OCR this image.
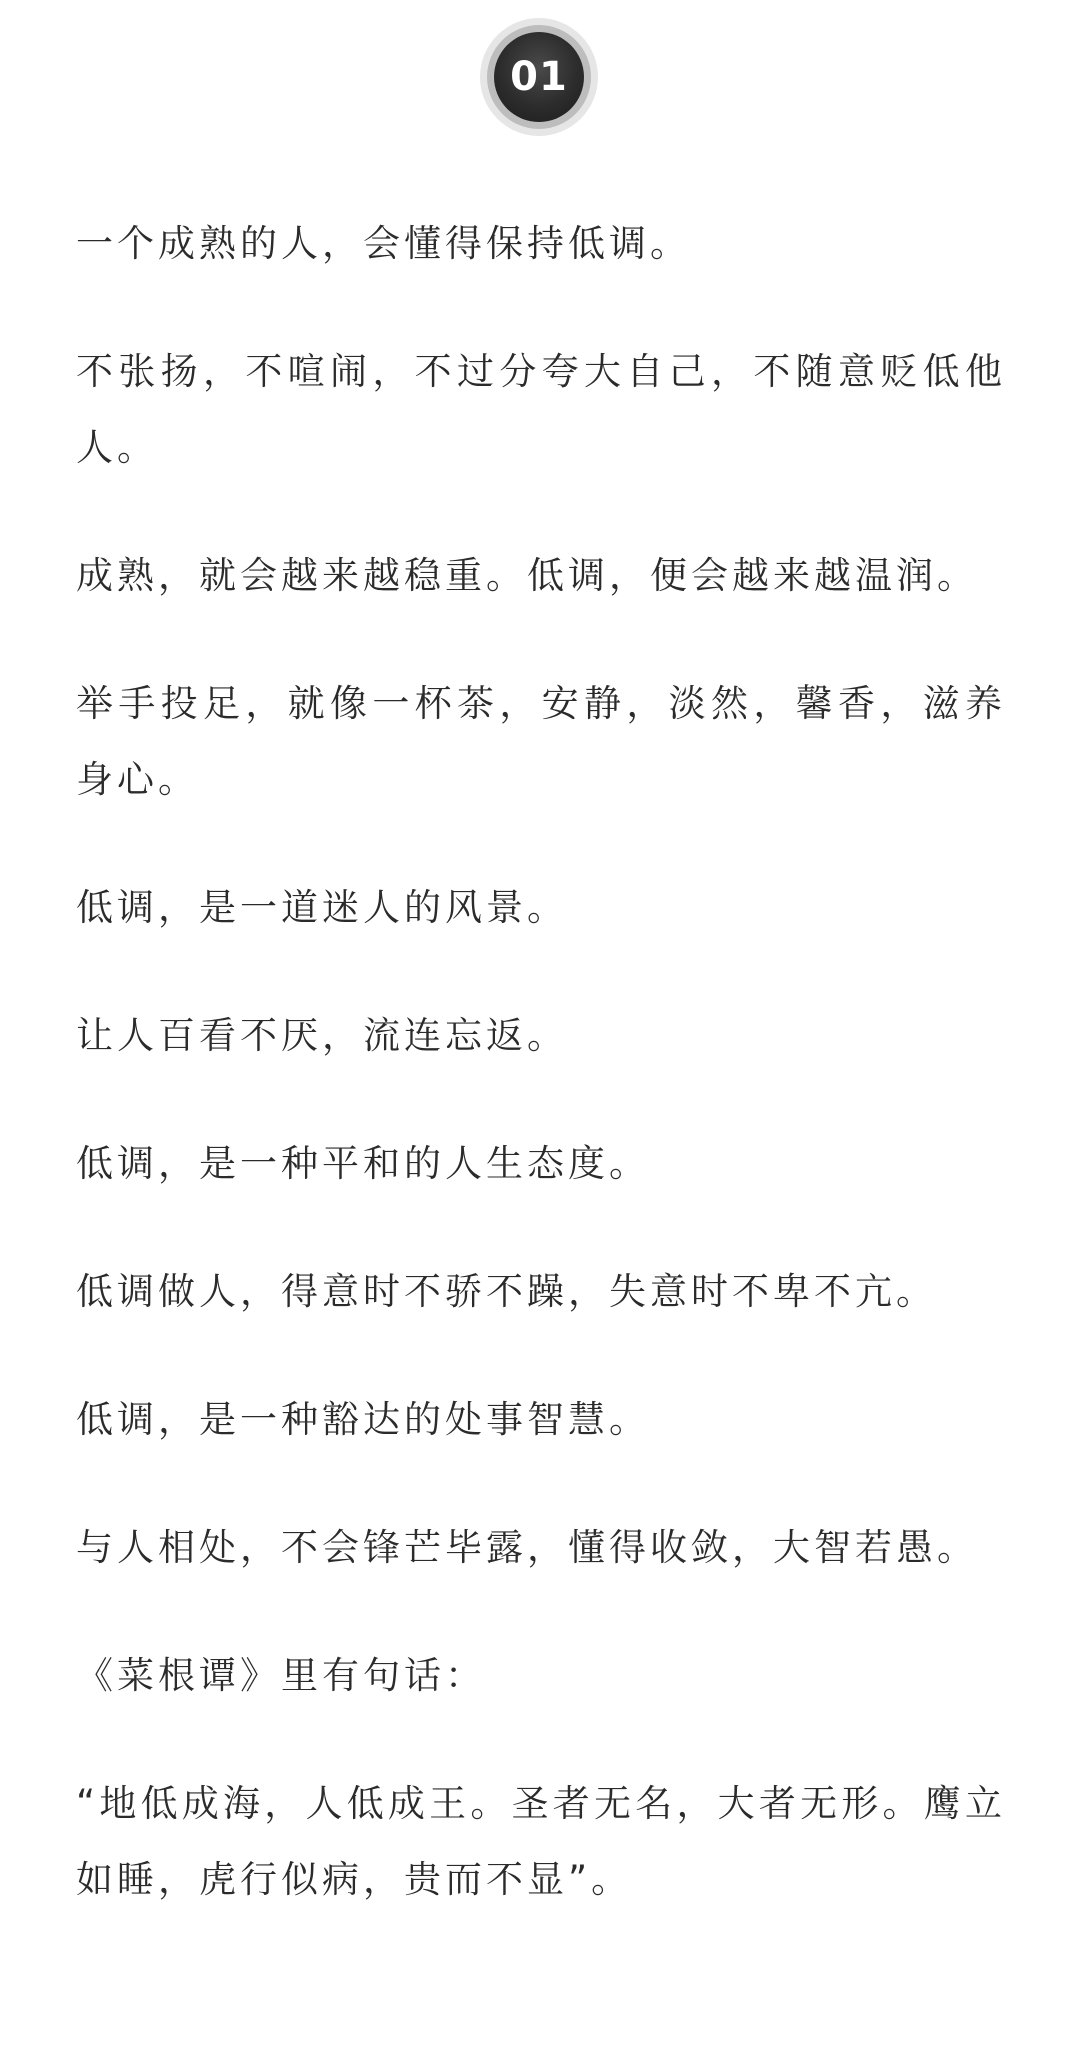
01

一个成熟的人，会懂得保持低调。

不张扬，不喧闹，不过分夸大自己，不随意贬低他人。

成熟，就会越来越稳重。低调，便会越来越温润。

举手投足，就像一杯茶，安静，淡然，馨香，滋养身心。

低调，是一道迷人的风景。

让人百看不厌，流连忘返。

低调，是一种平和的人生态度。

低调做人，得意时不骄不躁，失意时不卑不亢。

低调，是一种豁达的处事智慧。

与人相处，不会锋芒毕露，懂得收敛，大智若愚。

《菜根谭》里有句话：

“地低成海，人低成王。圣者无名，大者无形。鹰立如睡，虎行似病，贵而不显”。
